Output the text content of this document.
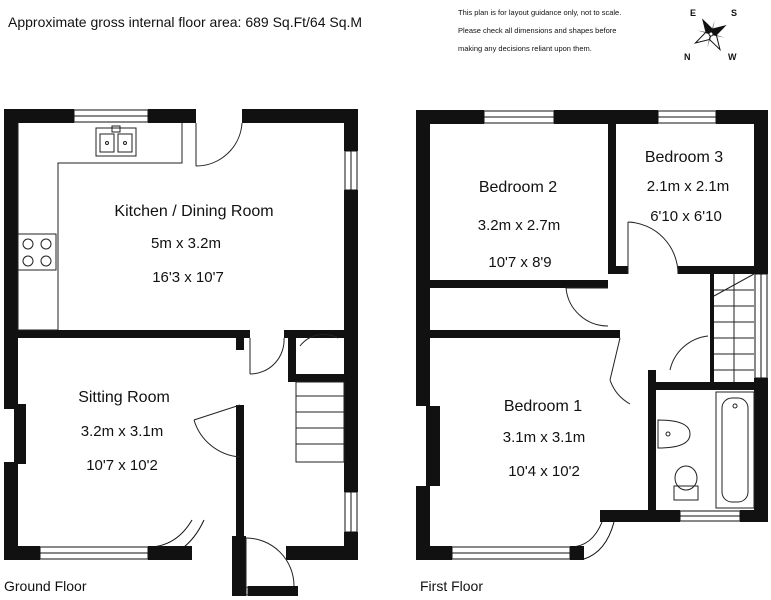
Approximate gross internal floor area: 689 Sq.Ft/64 Sq.M
This plan is for layout guidance only, not to scale.
Please check all dimensions and shapes before
making any decisions reliant upon them.
E	S
N	W
Kitchen / Dining Room
5m x 3.2m
16'3 x 10'7
Sitting Room
3.2m x 3.1m
10'7 x 10'2
Bedroom 2
3.2m x 2.7m
10'7 x 8'9
Bedroom 3
2.1m x 2.1m
6'10 x 6'10
Bedroom 1
3.1m x 3.1m
10'4 x 10'2
Ground Floor	First Floor
